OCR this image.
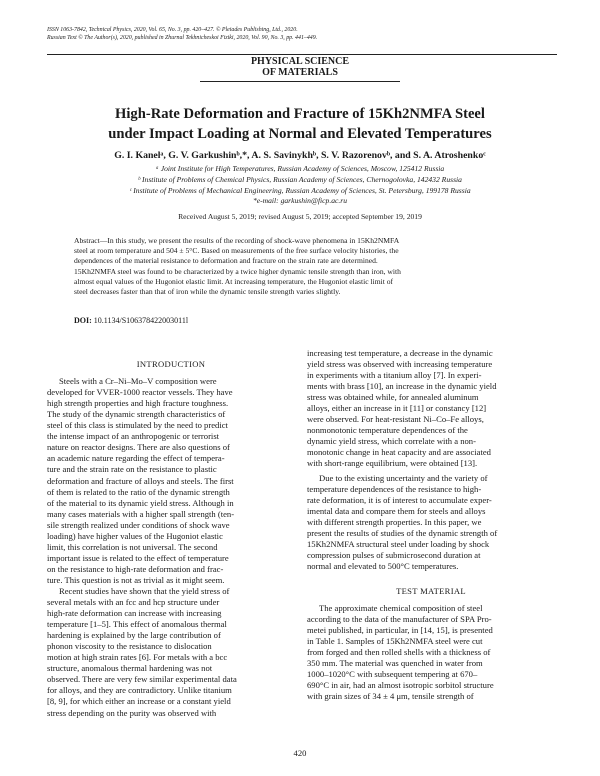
ISSN 1063-7842, Technical Physics, 2020, Vol. 65, No. 3, pp. 420–427. © Pleiades Publishing, Ltd., 2020.
Russian Text © The Author(s), 2020, published in Zhurnal Tekhnicheskoi Fiziki, 2020, Vol. 90, No. 3, pp. 441–449.
PHYSICAL SCIENCE
OF MATERIALS
High-Rate Deformation and Fracture of 15Kh2NMFA Steel
under Impact Loading at Normal and Elevated Temperatures
G. I. Kanelᵃ, G. V. Garkushinᵇ,*, A. S. Savinykhᵇ, S. V. Razorenovᵇ, and S. A. Atroshenkoᶜ
ᵃ Joint Institute for High Temperatures, Russian Academy of Sciences, Moscow, 125412 Russia
ᵇ Institute of Problems of Chemical Physics, Russian Academy of Sciences, Chernogolovka, 142432 Russia
ᶜ Institute of Problems of Mechanical Engineering, Russian Academy of Sciences, St. Petersburg, 199178 Russia
*e-mail: garkushin@ficp.ac.ru
Received August 5, 2019; revised August 5, 2019; accepted September 19, 2019
Abstract—In this study, we present the results of the recording of shock-wave phenomena in 15Kh2NMFA
steel at room temperature and 504 ± 5°C. Based on measurements of the free surface velocity histories, the
dependences of the material resistance to deformation and fracture on the strain rate are determined.
15Kh2NMFA steel was found to be characterized by a twice higher dynamic tensile strength than iron, with
almost equal values of the Hugoniot elastic limit. At increasing temperature, the Hugoniot elastic limit of
steel decreases faster than that of iron while the dynamic tensile strength varies slightly.
DOI: 10.1134/S106378422003011l
INTRODUCTION
Steels with a Cr–Ni–Mo–V composition were
developed for VVER-1000 reactor vessels. They have
high strength properties and high fracture toughness.
The study of the dynamic strength characteristics of
steel of this class is stimulated by the need to predict
the intense impact of an anthropogenic or terrorist
nature on reactor designs. There are also questions of
an academic nature regarding the effect of tempera-
ture and the strain rate on the resistance to plastic
deformation and fracture of alloys and steels. The first
of them is related to the ratio of the dynamic strength
of the material to its dynamic yield stress. Although in
many cases materials with a higher spall strength (ten-
sile strength realized under conditions of shock wave
loading) have higher values of the Hugoniot elastic
limit, this correlation is not universal. The second
important issue is related to the effect of temperature
on the resistance to high-rate deformation and frac-
ture. This question is not as trivial as it might seem.
Recent studies have shown that the yield stress of
several metals with an fcc and hcp structure under
high-rate deformation can increase with increasing
temperature [1–5]. This effect of anomalous thermal
hardening is explained by the large contribution of
phonon viscosity to the resistance to dislocation
motion at high strain rates [6]. For metals with a bcc
structure, anomalous thermal hardening was not
observed. There are very few similar experimental data
for alloys, and they are contradictory. Unlike titanium
[8, 9], for which either an increase or a constant yield
stress depending on the purity was observed with
increasing test temperature, a decrease in the dynamic
yield stress was observed with increasing temperature
in experiments with a titanium alloy [7]. In experi-
ments with brass [10], an increase in the dynamic yield
stress was obtained while, for annealed aluminum
alloys, either an increase in it [11] or constancy [12]
were observed. For heat-resistant Ni–Co–Fe alloys,
nonmonotonic temperature dependences of the
dynamic yield stress, which correlate with a non-
monotonic change in heat capacity and are associated
with short-range equilibrium, were obtained [13].
Due to the existing uncertainty and the variety of
temperature dependences of the resistance to high-
rate deformation, it is of interest to accumulate exper-
imental data and compare them for steels and alloys
with different strength properties. In this paper, we
present the results of studies of the dynamic strength of
15Kh2NMFA structural steel under loading by shock
compression pulses of submicrosecond duration at
normal and elevated to 500°C temperatures.
TEST MATERIAL
The approximate chemical composition of steel
according to the data of the manufacturer of SPA Pro-
metei published, in particular, in [14, 15], is presented
in Table 1. Samples of 15Kh2NMFA steel were cut
from forged and then rolled shells with a thickness of
350 mm. The material was quenched in water from
1000–1020°C with subsequent tempering at 670–
690°C in air, had an almost isotropic sorbitol structure
with grain sizes of 34 ± 4 μm, tensile strength of
420
